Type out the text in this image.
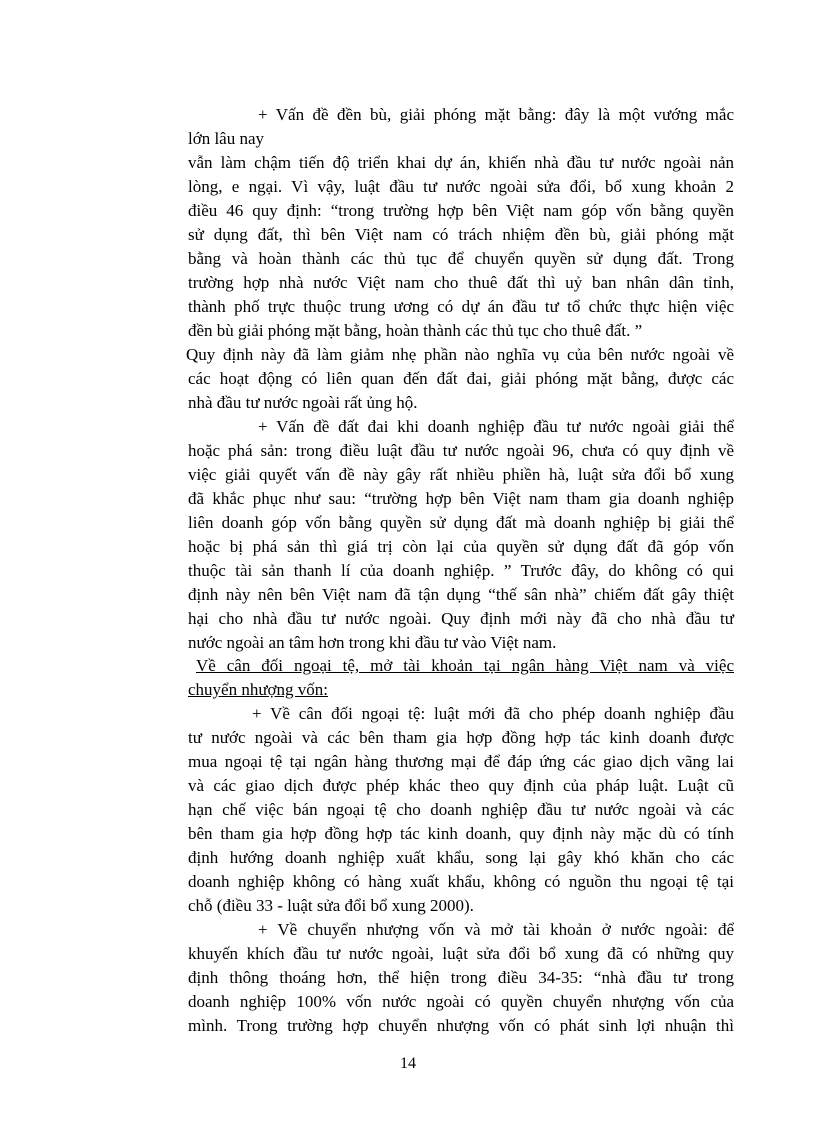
+ Vấn đề đền bù, giải phóng mặt bằng: đây là một vướng mắc
lớn lâu nay
vẫn làm chậm tiến độ triển khai dự án, khiến nhà đầu tư nước ngoài nản
lòng, e ngại. Vì vậy, luật đầu tư nước ngoài sửa đổi, bổ xung khoản 2
điều 46 quy định: “trong trường hợp bên Việt nam góp vốn bằng quyền
sử dụng đất, thì bên Việt nam có trách nhiệm đền bù, giải phóng mặt
bằng và hoàn thành các thủ tục để chuyển quyền sử dụng đất. Trong
trường hợp nhà nước Việt nam cho thuê đất thì uỷ ban nhân dân tỉnh,
thành phố trực thuộc trung ương có dự án đầu tư tổ chức thực hiện việc
đền bù giải phóng mặt bằng, hoàn thành các thủ tục cho thuê đất. ”
Quy định này đã làm giảm nhẹ phần nào nghĩa vụ của bên nước ngoài về
các hoạt động có liên quan đến đất đai, giải phóng mặt bằng, được các
nhà đầu tư nước ngoài rất ủng hộ.
+ Vấn đề đất đai khi doanh nghiệp đầu tư nước ngoài giải thể
hoặc phá sản: trong điều luật đầu tư nước ngoài 96, chưa có quy định về
việc giải quyết vấn đề này gây rất nhiều phiền hà, luật sửa đổi bổ xung
đã khắc phục như sau: “trường hợp bên Việt nam tham gia doanh nghiệp
liên doanh góp vốn bằng quyền sử dụng đất mà doanh nghiệp bị giải thể
hoặc bị phá sản thì giá trị còn lại của quyền sử dụng đất đã góp vốn
thuộc tài sản thanh lí của doanh nghiệp. ” Trước đây, do không có qui
định này nên bên Việt nam đã tận dụng “thế sân nhà” chiếm đất gây thiệt
hại cho nhà đầu tư nước ngoài. Quy định mới này đã cho nhà đầu tư
nước ngoài an tâm hơn trong khi đầu tư vào Việt nam.
Về cân đối ngoại tệ, mở tài khoản tại ngân hàng Việt nam và việc
chuyển nhượng vốn:
+ Về cân đối ngoại tệ: luật mới đã cho phép doanh nghiệp đầu
tư nước ngoài và các bên tham gia hợp đồng hợp tác kinh doanh được
mua ngoại tệ tại ngân hàng thương mại để đáp ứng các giao dịch vãng lai
và các giao dịch được phép khác theo quy định của pháp luật. Luật cũ
hạn chế việc bán ngoại tệ cho doanh nghiệp đầu tư nước ngoài và các
bên tham gia hợp đồng hợp tác kinh doanh, quy định này mặc dù có tính
định hướng doanh nghiệp xuất khẩu, song lại gây khó khăn cho các
doanh nghiệp không có hàng xuất khẩu, không có nguồn thu ngoại tệ tại
chỗ (điều 33 - luật sửa đổi bổ xung 2000).
+ Về chuyển nhượng vốn và mở tài khoản ở nước ngoài: để
khuyến khích đầu tư nước ngoài, luật sửa đổi bổ xung đã có những quy
định thông thoáng hơn, thể hiện trong điều 34-35: “nhà đầu tư trong
doanh nghiệp 100% vốn nước ngoài có quyền chuyển nhượng vốn của
mình. Trong trường hợp chuyển nhượng vốn có phát sinh lợi nhuận thì
14
